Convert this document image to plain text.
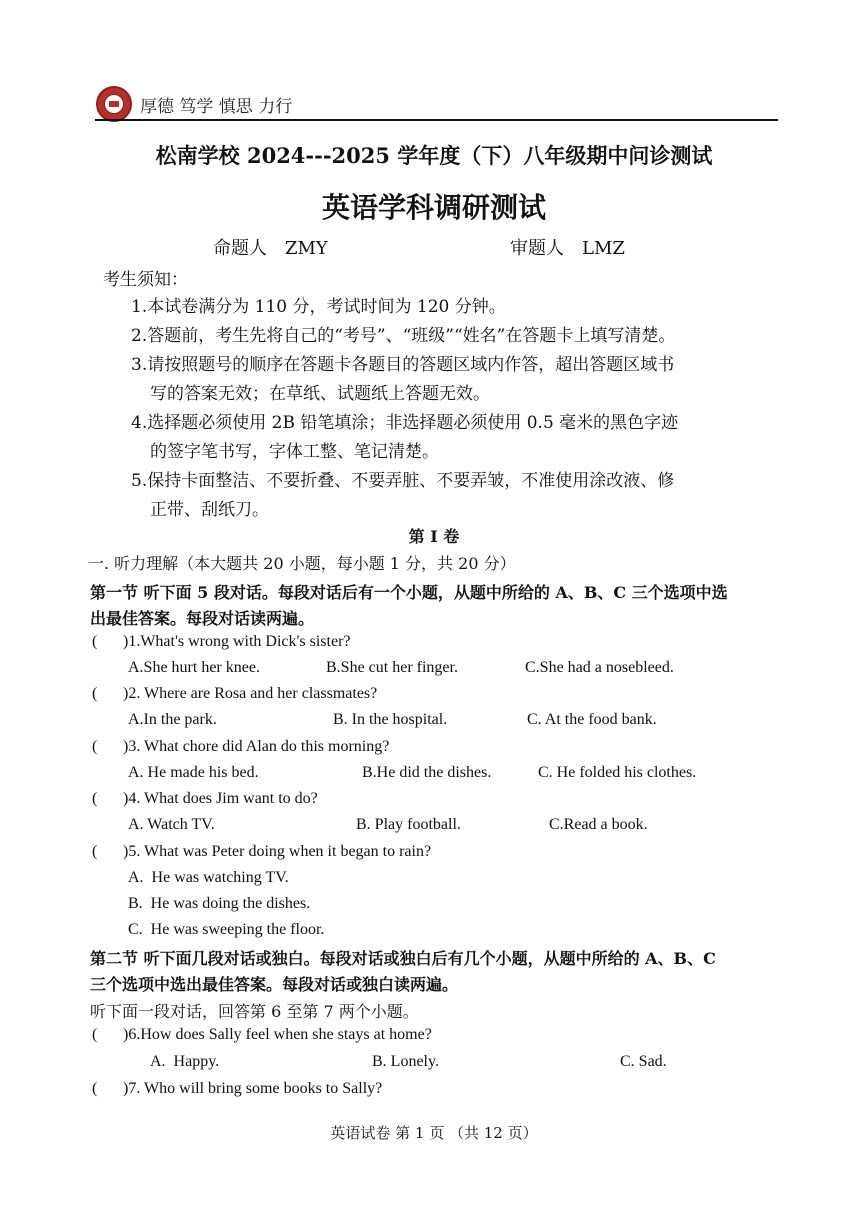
厚德 笃学 慎思 力行
松南学校 2024---2025 学年度（下）八年级期中问诊测试
英语学科调研测试
命题人　ZMY	审题人　LMZ
考生须知：
1.本试卷满分为 110 分，考试时间为 120 分钟。
2.答题前，考生先将自己的“考号”、“班级”“姓名”在答题卡上填写清楚。
3.请按照题号的顺序在答题卡各题目的答题区域内作答，超出答题区域书
写的答案无效；在草纸、试题纸上答题无效。
4.选择题必须使用 2B 铅笔填涂；非选择题必须使用 0.5 毫米的黑色字迹
的签字笔书写，字体工整、笔记清楚。
5.保持卡面整洁、不要折叠、不要弄脏、不要弄皱，不准使用涂改液、修
正带、刮纸刀。
第 I 卷
一. 听力理解（本大题共 20 小题，每小题 1 分，共 20 分）
第一节 听下面 5 段对话。每段对话后有一个小题，从题中所给的 A、B、C 三个选项中选
出最佳答案。每段对话读两遍。
( )1.What's wrong with Dick's sister?
A.She hurt her knee.	B.She cut her finger.	C.She had a nosebleed.
( )2. Where are Rosa and her classmates?
A.In the park.	B. In the hospital.	C. At the food bank.
( )3. What chore did Alan do this morning?
A. He made his bed.	B.He did the dishes.	C. He folded his clothes.
( )4. What does Jim want to do?
A. Watch TV.	B. Play football.	C.Read a book.
( )5. What was Peter doing when it began to rain?
A.  He was watching TV.
B.  He was doing the dishes.
C.  He was sweeping the floor.
第二节 听下面几段对话或独白。每段对话或独白后有几个小题，从题中所给的 A、B、C
三个选项中选出最佳答案。每段对话或独白读两遍。
听下面一段对话，回答第 6 至第 7 两个小题。
( )6.How does Sally feel when she stays at home?
A.  Happy.	B. Lonely.	C. Sad.
( )7. Who will bring some books to Sally?
英语试卷 第 1 页 （共 12 页）
